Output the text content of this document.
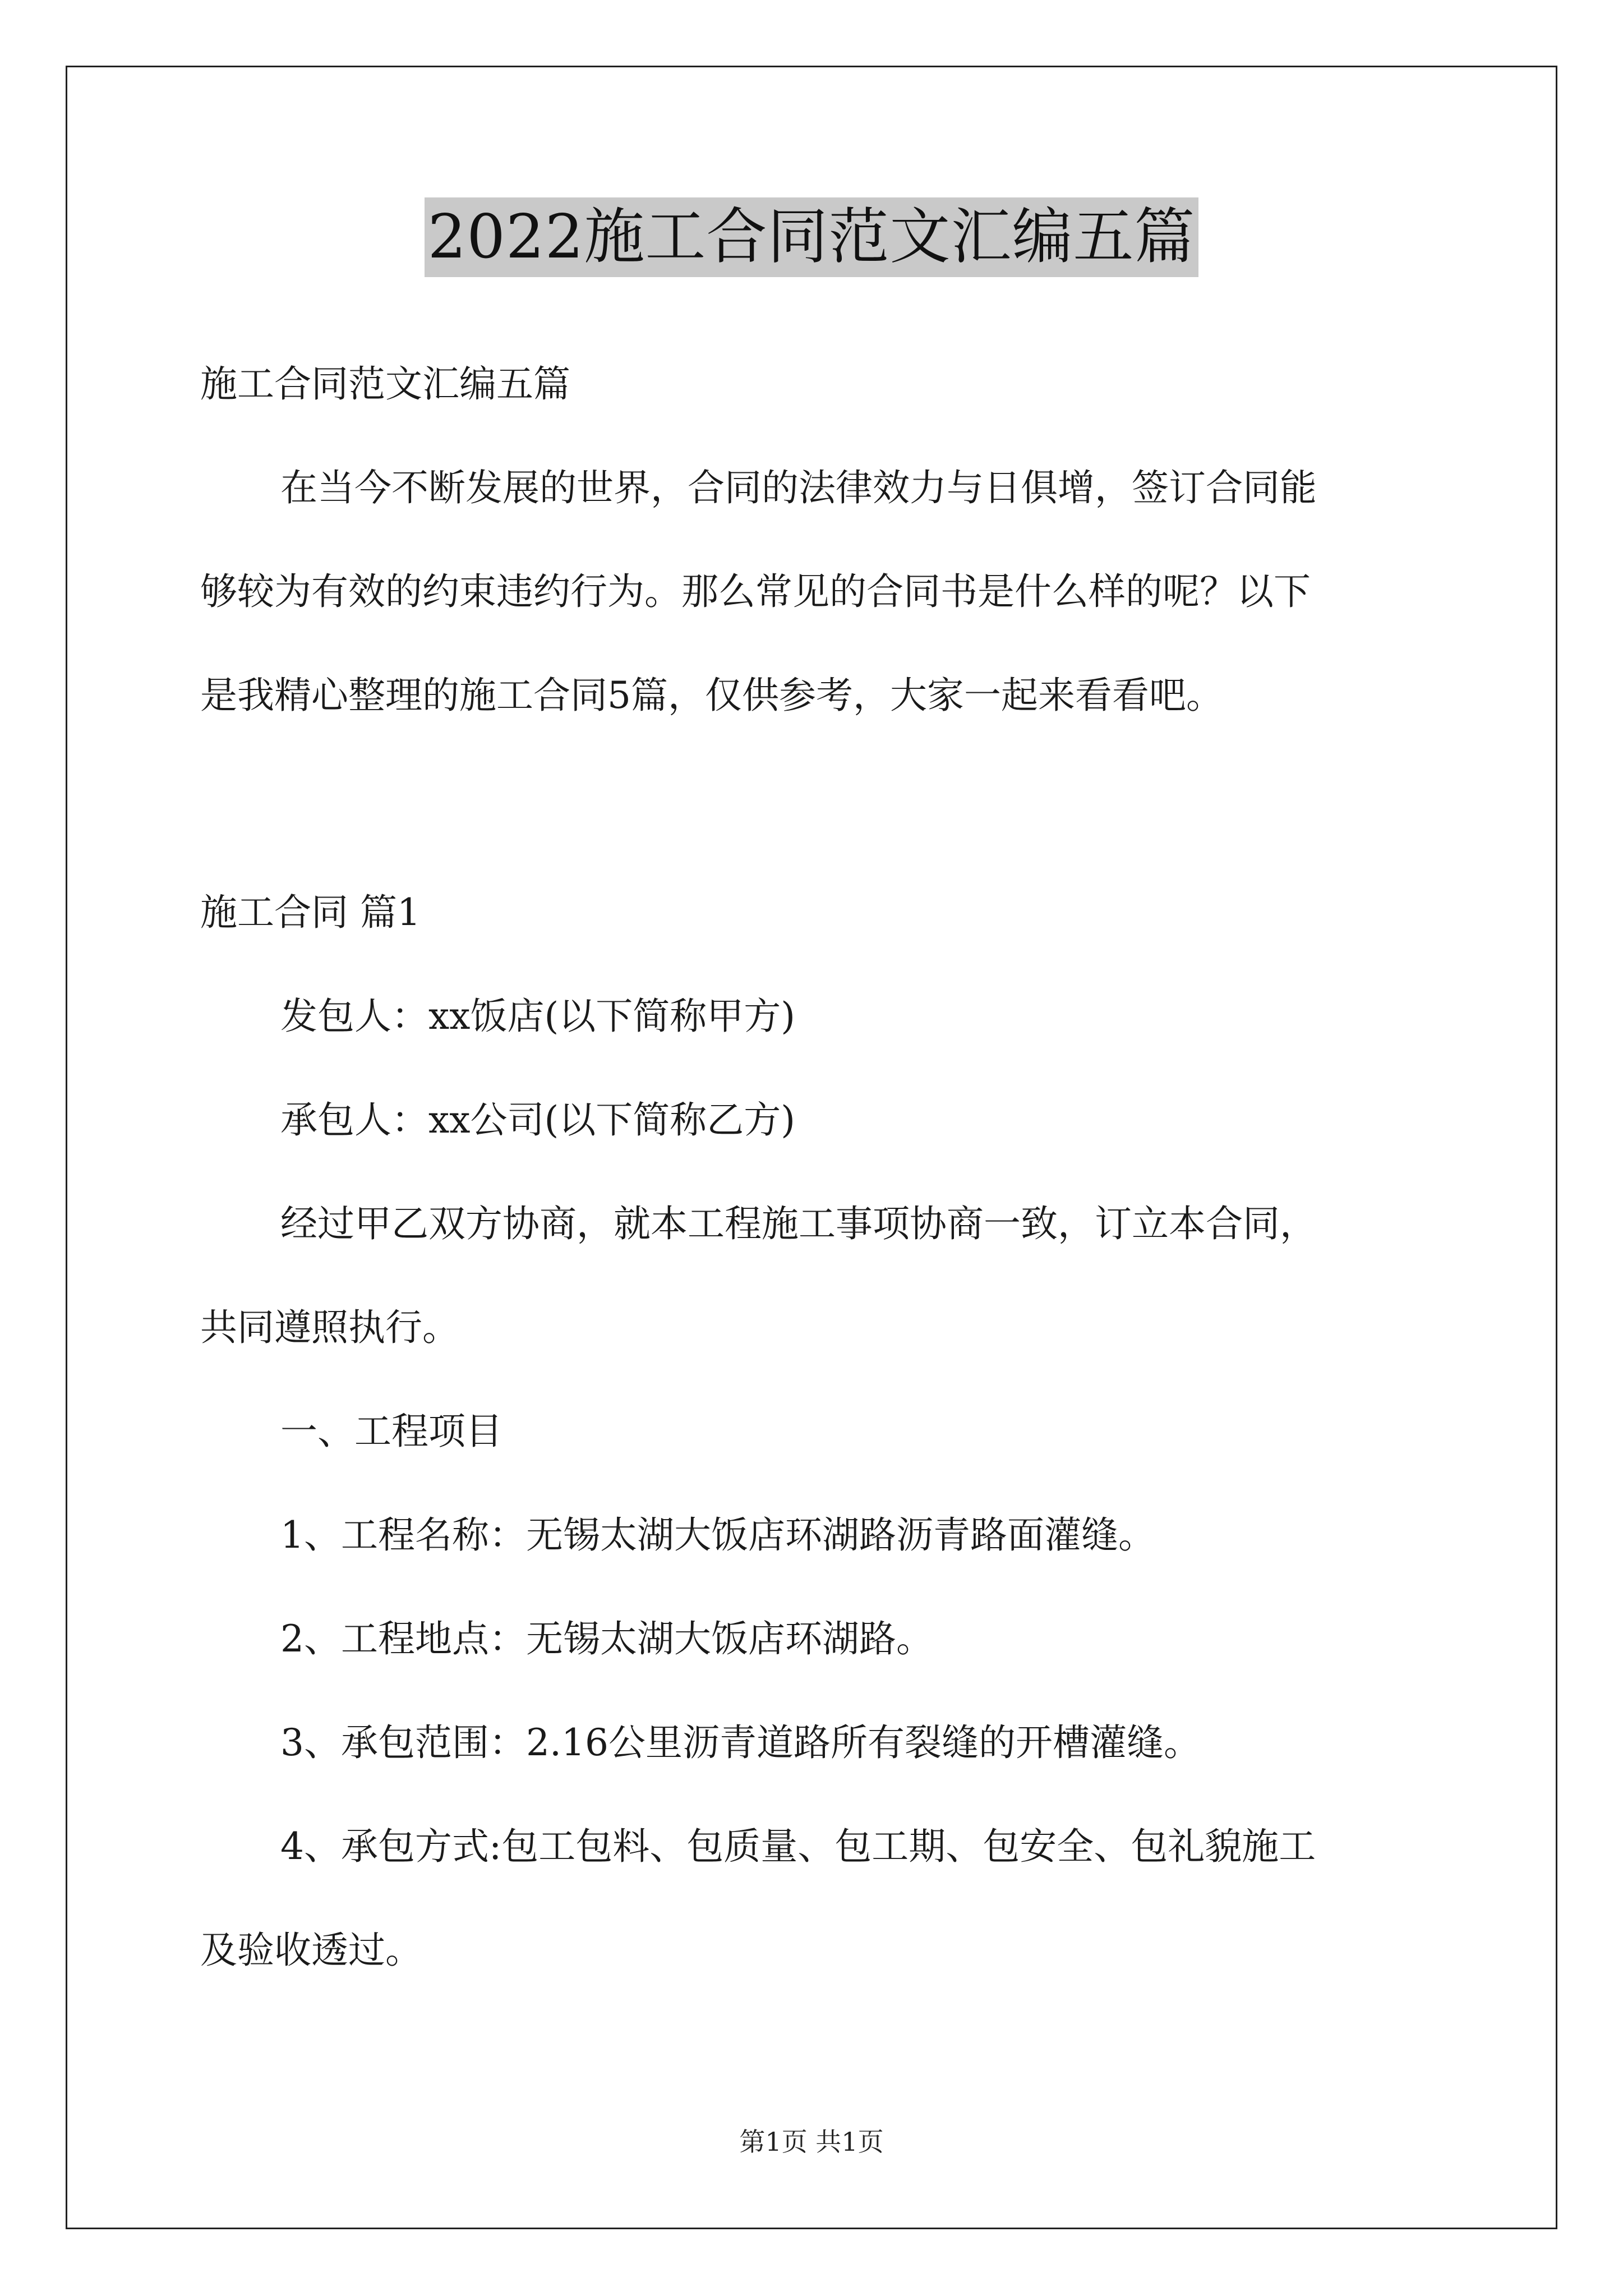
2022施工合同范文汇编五篇
施工合同范文汇编五篇
在当今不断发展的世界，合同的法律效力与日俱增，签订合同能
够较为有效的约束违约行为。那么常见的合同书是什么样的呢？以下
是我精心整理的施工合同5篇，仅供参考，大家一起来看看吧。
施工合同 篇1
发包人：xx饭店(以下简称甲方)
承包人：xx公司(以下简称乙方)
经过甲乙双方协商，就本工程施工事项协商一致，订立本合同，
共同遵照执行。
一、工程项目
1、工程名称：无锡太湖大饭店环湖路沥青路面灌缝。
2、工程地点：无锡太湖大饭店环湖路。
3、承包范围：2.16公里沥青道路所有裂缝的开槽灌缝。
4、承包方式:包工包料、包质量、包工期、包安全、包礼貌施工
及验收透过。
第1页 共1页
